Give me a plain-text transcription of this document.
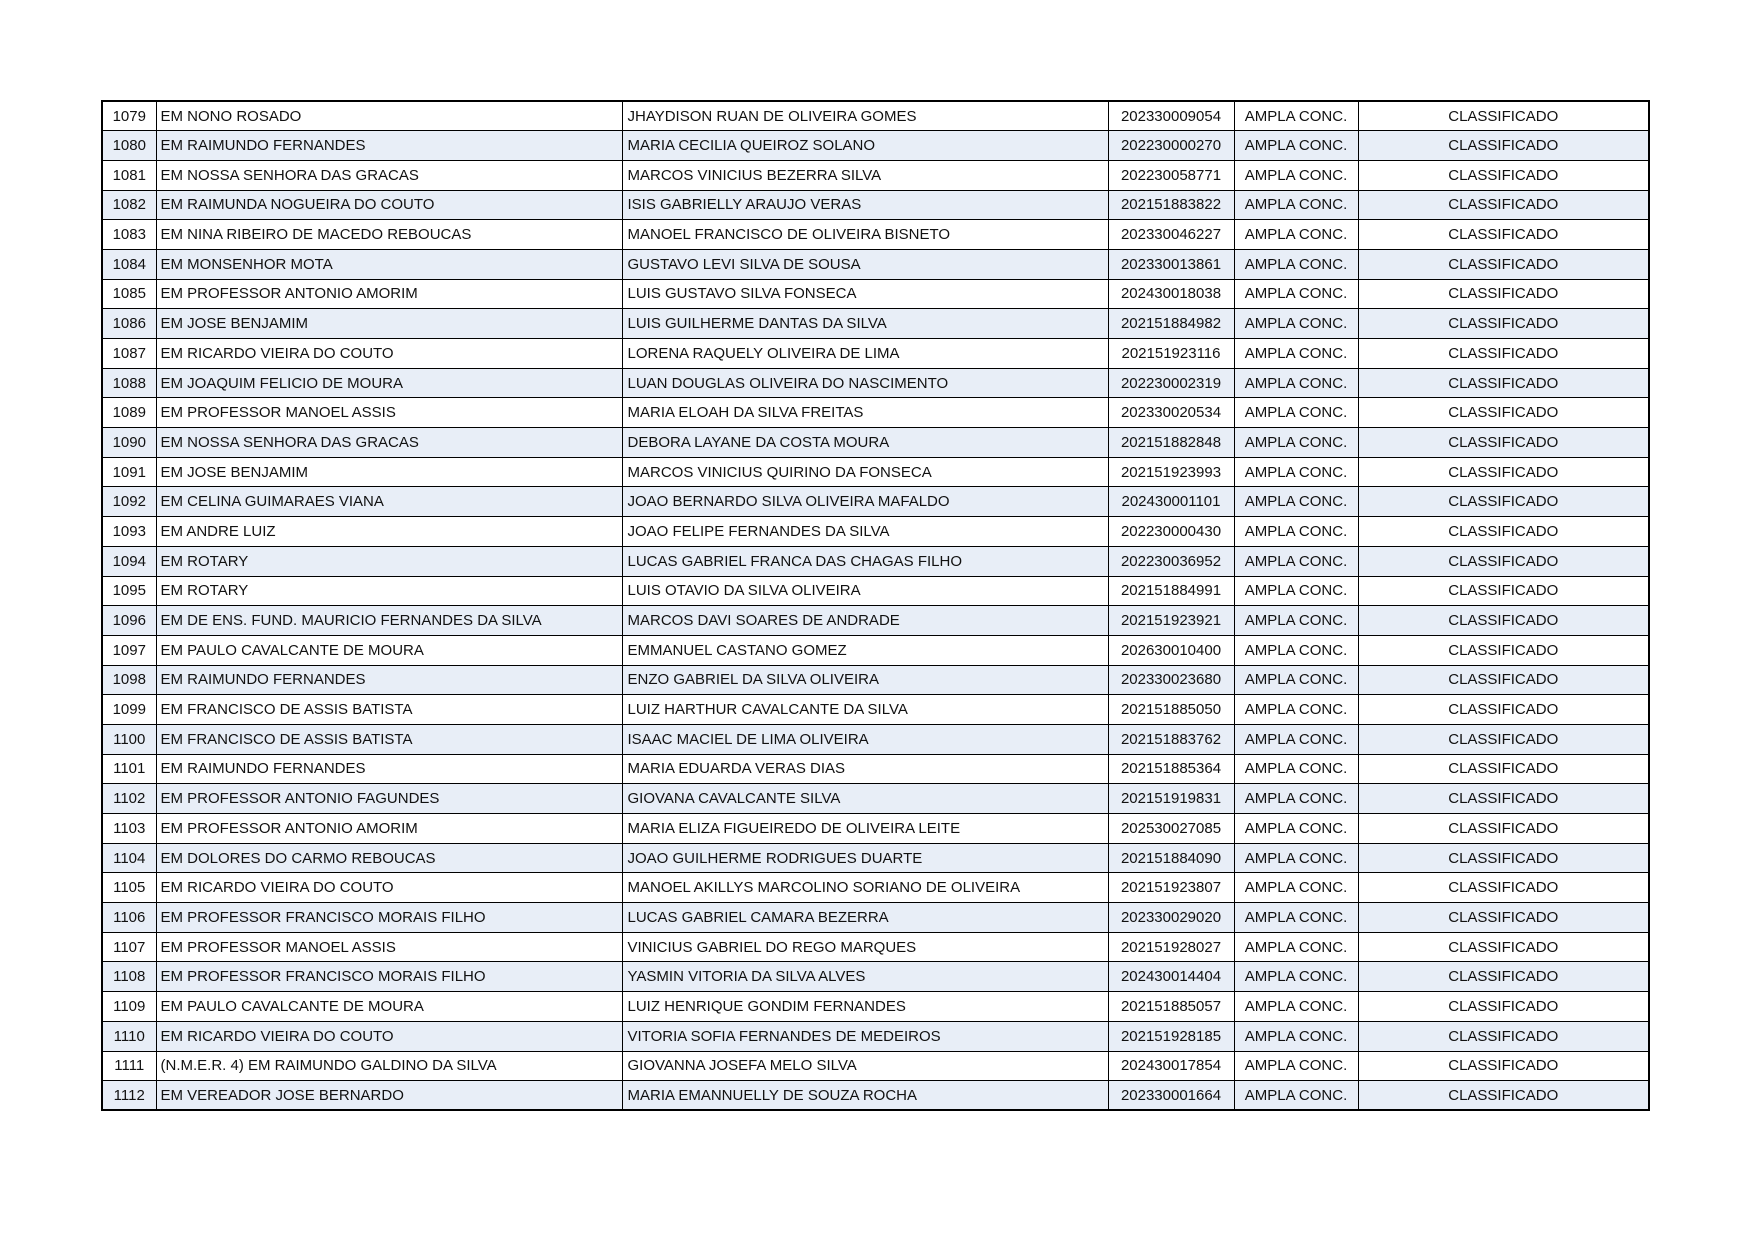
1079	EM NONO ROSADO	JHAYDISON RUAN DE OLIVEIRA GOMES	202330009054	AMPLA CONC.	CLASSIFICADO
1080	EM RAIMUNDO FERNANDES	MARIA CECILIA QUEIROZ SOLANO	202230000270	AMPLA CONC.	CLASSIFICADO
1081	EM NOSSA SENHORA DAS GRACAS	MARCOS VINICIUS BEZERRA SILVA	202230058771	AMPLA CONC.	CLASSIFICADO
1082	EM RAIMUNDA NOGUEIRA DO COUTO	ISIS GABRIELLY ARAUJO VERAS	202151883822	AMPLA CONC.	CLASSIFICADO
1083	EM NINA RIBEIRO DE MACEDO REBOUCAS	MANOEL FRANCISCO DE OLIVEIRA BISNETO	202330046227	AMPLA CONC.	CLASSIFICADO
1084	EM MONSENHOR MOTA	GUSTAVO LEVI SILVA DE SOUSA	202330013861	AMPLA CONC.	CLASSIFICADO
1085	EM PROFESSOR ANTONIO AMORIM	LUIS GUSTAVO SILVA FONSECA	202430018038	AMPLA CONC.	CLASSIFICADO
1086	EM JOSE BENJAMIM	LUIS GUILHERME DANTAS DA SILVA	202151884982	AMPLA CONC.	CLASSIFICADO
1087	EM RICARDO VIEIRA DO COUTO	LORENA RAQUELY OLIVEIRA DE LIMA	202151923116	AMPLA CONC.	CLASSIFICADO
1088	EM JOAQUIM FELICIO DE MOURA	LUAN DOUGLAS OLIVEIRA DO NASCIMENTO	202230002319	AMPLA CONC.	CLASSIFICADO
1089	EM PROFESSOR MANOEL ASSIS	MARIA ELOAH DA SILVA FREITAS	202330020534	AMPLA CONC.	CLASSIFICADO
1090	EM NOSSA SENHORA DAS GRACAS	DEBORA LAYANE DA COSTA MOURA	202151882848	AMPLA CONC.	CLASSIFICADO
1091	EM JOSE BENJAMIM	MARCOS VINICIUS QUIRINO DA FONSECA	202151923993	AMPLA CONC.	CLASSIFICADO
1092	EM CELINA GUIMARAES VIANA	JOAO BERNARDO SILVA OLIVEIRA MAFALDO	202430001101	AMPLA CONC.	CLASSIFICADO
1093	EM ANDRE LUIZ	JOAO FELIPE FERNANDES DA SILVA	202230000430	AMPLA CONC.	CLASSIFICADO
1094	EM ROTARY	LUCAS GABRIEL FRANCA DAS CHAGAS FILHO	202230036952	AMPLA CONC.	CLASSIFICADO
1095	EM ROTARY	LUIS OTAVIO DA SILVA OLIVEIRA	202151884991	AMPLA CONC.	CLASSIFICADO
1096	EM DE ENS. FUND. MAURICIO FERNANDES DA SILVA	MARCOS DAVI SOARES DE ANDRADE	202151923921	AMPLA CONC.	CLASSIFICADO
1097	EM PAULO CAVALCANTE DE MOURA	EMMANUEL CASTANO GOMEZ	202630010400	AMPLA CONC.	CLASSIFICADO
1098	EM RAIMUNDO FERNANDES	ENZO GABRIEL DA SILVA OLIVEIRA	202330023680	AMPLA CONC.	CLASSIFICADO
1099	EM FRANCISCO DE ASSIS BATISTA	LUIZ HARTHUR CAVALCANTE DA SILVA	202151885050	AMPLA CONC.	CLASSIFICADO
1100	EM FRANCISCO DE ASSIS BATISTA	ISAAC MACIEL DE LIMA OLIVEIRA	202151883762	AMPLA CONC.	CLASSIFICADO
1101	EM RAIMUNDO FERNANDES	MARIA EDUARDA VERAS DIAS	202151885364	AMPLA CONC.	CLASSIFICADO
1102	EM PROFESSOR ANTONIO FAGUNDES	GIOVANA CAVALCANTE SILVA	202151919831	AMPLA CONC.	CLASSIFICADO
1103	EM PROFESSOR ANTONIO AMORIM	MARIA ELIZA FIGUEIREDO DE OLIVEIRA LEITE	202530027085	AMPLA CONC.	CLASSIFICADO
1104	EM DOLORES DO CARMO REBOUCAS	JOAO GUILHERME RODRIGUES DUARTE	202151884090	AMPLA CONC.	CLASSIFICADO
1105	EM RICARDO VIEIRA DO COUTO	MANOEL AKILLYS MARCOLINO SORIANO DE OLIVEIRA	202151923807	AMPLA CONC.	CLASSIFICADO
1106	EM PROFESSOR FRANCISCO MORAIS FILHO	LUCAS GABRIEL CAMARA BEZERRA	202330029020	AMPLA CONC.	CLASSIFICADO
1107	EM PROFESSOR MANOEL ASSIS	VINICIUS GABRIEL DO REGO MARQUES	202151928027	AMPLA CONC.	CLASSIFICADO
1108	EM PROFESSOR FRANCISCO MORAIS FILHO	YASMIN VITORIA DA SILVA ALVES	202430014404	AMPLA CONC.	CLASSIFICADO
1109	EM PAULO CAVALCANTE DE MOURA	LUIZ HENRIQUE GONDIM FERNANDES	202151885057	AMPLA CONC.	CLASSIFICADO
1110	EM RICARDO VIEIRA DO COUTO	VITORIA SOFIA FERNANDES DE MEDEIROS	202151928185	AMPLA CONC.	CLASSIFICADO
1111	(N.M.E.R. 4) EM RAIMUNDO GALDINO DA SILVA	GIOVANNA JOSEFA MELO SILVA	202430017854	AMPLA CONC.	CLASSIFICADO
1112	EM VEREADOR JOSE BERNARDO	MARIA EMANNUELLY DE SOUZA ROCHA	202330001664	AMPLA CONC.	CLASSIFICADO
